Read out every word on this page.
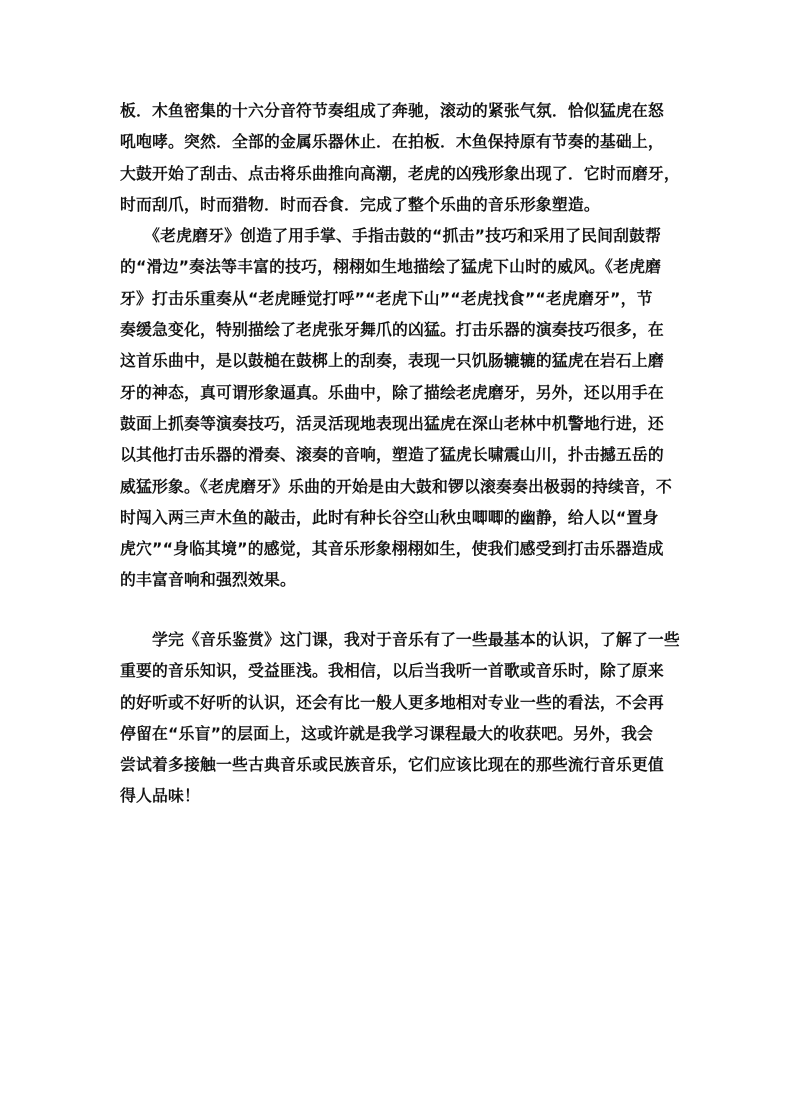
板．木鱼密集的十六分音符节奏组成了奔驰，滚动的紧张气氛．恰似猛虎在怒
吼咆哮。突然．全部的金属乐器休止．在拍板．木鱼保持原有节奏的基础上，
大鼓开始了刮击、点击将乐曲推向高潮，老虎的凶残形象出现了．它时而磨牙，
时而刮爪，时而猎物．时而吞食．完成了整个乐曲的音乐形象塑造。
　　《老虎磨牙》创造了用手掌、手指击鼓的“抓击”技巧和采用了民间刮鼓帮
的“滑边”奏法等丰富的技巧，栩栩如生地描绘了猛虎下山时的威风。《老虎磨
牙》打击乐重奏从“老虎睡觉打呼”“老虎下山”“老虎找食”“老虎磨牙”，节
奏缓急变化，特别描绘了老虎张牙舞爪的凶猛。打击乐器的演奏技巧很多，在
这首乐曲中，是以鼓槌在鼓梆上的刮奏，表现一只饥肠辘辘的猛虎在岩石上磨
牙的神态，真可谓形象逼真。乐曲中，除了描绘老虎磨牙，另外，还以用手在
鼓面上抓奏等演奏技巧，活灵活现地表现出猛虎在深山老林中机警地行进，还
以其他打击乐器的滑奏、滚奏的音响，塑造了猛虎长啸震山川，扑击撼五岳的
威猛形象。《老虎磨牙》乐曲的开始是由大鼓和锣以滚奏奏出极弱的持续音，不
时闯入两三声木鱼的敲击，此时有种长谷空山秋虫唧唧的幽静，给人以“置身
虎穴”“身临其境”的感觉，其音乐形象栩栩如生，使我们感受到打击乐器造成
的丰富音响和强烈效果。
　　学完《音乐鉴赏》这门课，我对于音乐有了一些最基本的认识，了解了一些
重要的音乐知识，受益匪浅。我相信，以后当我听一首歌或音乐时，除了原来
的好听或不好听的认识，还会有比一般人更多地相对专业一些的看法，不会再
停留在“乐盲”的层面上，这或许就是我学习课程最大的收获吧。另外，我会
尝试着多接触一些古典音乐或民族音乐，它们应该比现在的那些流行音乐更值
得人品味！
